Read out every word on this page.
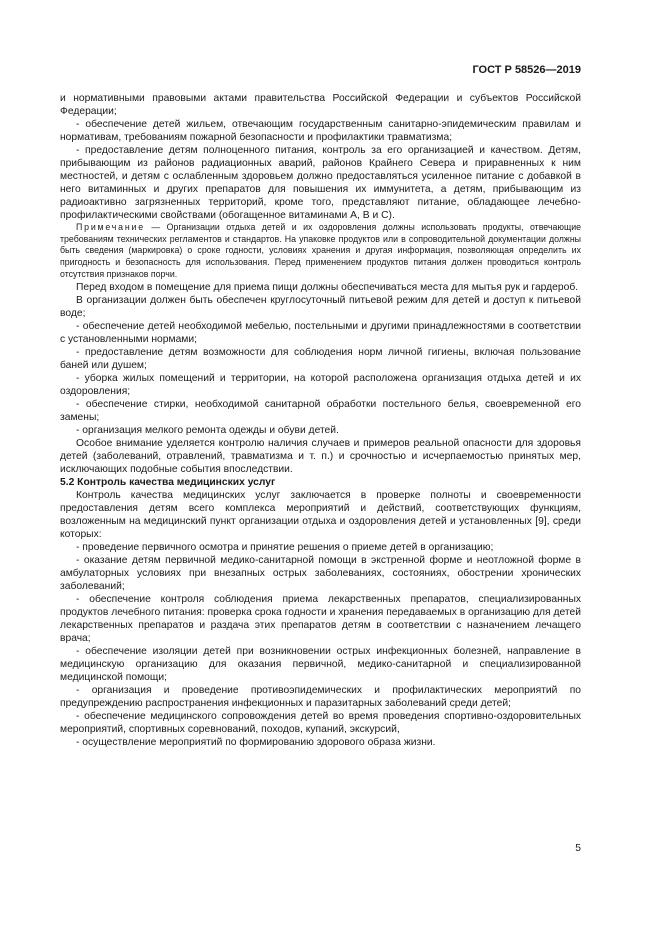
ГОСТ Р 58526—2019

и нормативными правовыми актами правительства Российской Федерации и субъектов Российской Федерации;

- обеспечение детей жильем, отвечающим государственным санитарно-эпидемическим правилам и нормативам, требованиям пожарной безопасности и профилактики травматизма;

- предоставление детям полноценного питания, контроль за его организацией и качеством. Детям, прибывающим из районов радиационных аварий, районов Крайнего Севера и приравненных к ним местностей, и детям с ослабленным здоровьем должно предоставляться усиленное питание с добавкой в него витаминных и других препаратов для повышения их иммунитета, а детям, прибывающим из радиоактивно загрязненных территорий, кроме того, представляют питание, обладающее лечебно-профилактическими свойствами (обогащенное витаминами А, В и С).

Примечание — Организации отдыха детей и их оздоровления должны использовать продукты, отвечающие требованиям технических регламентов и стандартов. На упаковке продуктов или в сопроводительной документации должны быть сведения (маркировка) о сроке годности, условиях хранения и другая информация, позволяющая определить их пригодность и безопасность для использования. Перед применением продуктов питания должен проводиться контроль отсутствия признаков порчи.

Перед входом в помещение для приема пищи должны обеспечиваться места для мытья рук и гардероб.

В организации должен быть обеспечен круглосуточный питьевой режим для детей и доступ к питьевой воде;

- обеспечение детей необходимой мебелью, постельными и другими принадлежностями в соответствии с установленными нормами;

- предоставление детям возможности для соблюдения норм личной гигиены, включая пользование баней или душем;

- уборка жилых помещений и территории, на которой расположена организация отдыха детей и их оздоровления;

- обеспечение стирки, необходимой санитарной обработки постельного белья, своевременной его замены;

- организация мелкого ремонта одежды и обуви детей.

Особое внимание уделяется контролю наличия случаев и примеров реальной опасности для здоровья детей (заболеваний, отравлений, травматизма и т. п.) и срочностью и исчерпаемостью принятых мер, исключающих подобные события впоследствии.

5.2 Контроль качества медицинских услуг

Контроль качества медицинских услуг заключается в проверке полноты и своевременности предоставления детям всего комплекса мероприятий и действий, соответствующих функциям, возложенным на медицинский пункт организации отдыха и оздоровления детей и установленных [9], среди которых:

- проведение первичного осмотра и принятие решения о приеме детей в организацию;

- оказание детям первичной медико-санитарной помощи в экстренной форме и неотложной форме в амбулаторных условиях при внезапных острых заболеваниях, состояниях, обострении хронических заболеваний;

- обеспечение контроля соблюдения приема лекарственных препаратов, специализированных продуктов лечебного питания: проверка срока годности и хранения передаваемых в организацию для детей лекарственных препаратов и раздача этих препаратов детям в соответствии с назначением лечащего врача;

- обеспечение изоляции детей при возникновении острых инфекционных болезней, направление в медицинскую организацию для оказания первичной, медико-санитарной и специализированной медицинской помощи;

- организация и проведение противоэпидемических и профилактических мероприятий по предупреждению распространения инфекционных и паразитарных заболеваний среди детей;

- обеспечение медицинского сопровождения детей во время проведения спортивно-оздоровительных мероприятий, спортивных соревнований, походов, купаний, экскурсий,

- осуществление мероприятий по формированию здорового образа жизни.

5
